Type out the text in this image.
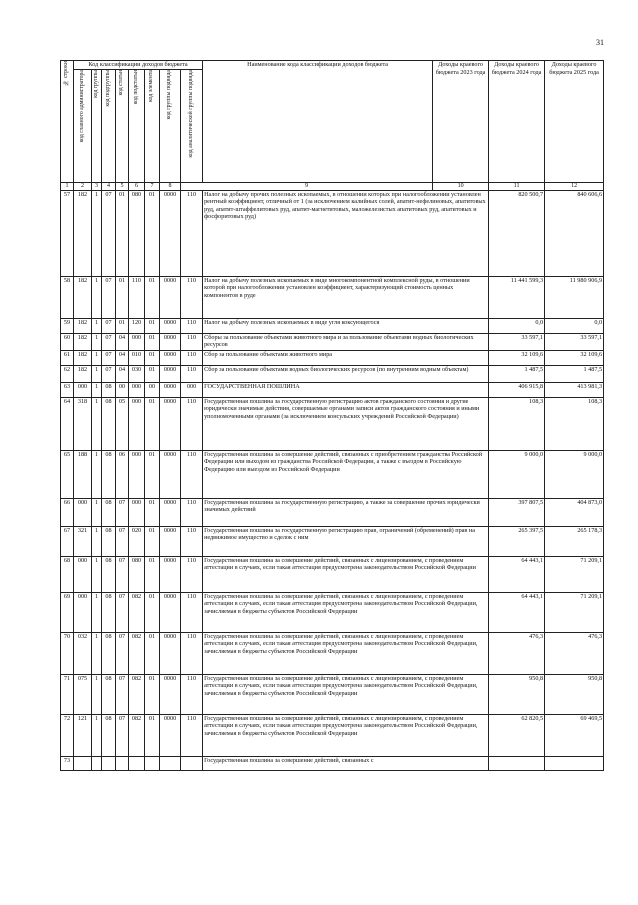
31
№ строки	Код классификации доходов бюджета								Наименование кода классификации доходов бюджета	Доходы краевого бюджета 2023 года	Доходы краевого бюджета 2024 года	Доходы краевого бюджета 2025 года	
	код главного администратора	код группы	код подгруппы	код статьи	код подстатьи	код элемента	код группы подвида	код аналитической группы подвида					
1	2	3	4	5	6	7	8	9		10	11	12	
57	182	1	07	01	080	01	0000	110	Налог на добычу прочих полезных ископаемых, в отношении которых при налогообложении установлен рентный коэффициент, отличный от 1 (за исключением калийных солей, апатит-нефелиновых, апатитовых руд, апатит-штаффелитовых руд, апатит-магнетитовых, маложелезистых апатитовых руд, апатитовых и фосфоритовых руд)		820 500,7	840 606,6	
58	182	1	07	01	110	01	0000	110	Налог на добычу полезных ископаемых в виде многокомпонентной комплексной руды, в отношении которой при налогообложении установлен коэффициент, характеризующий стоимость ценных компонентов в руде		11 441 599,3	11 980 906,9	
59	182	1	07	01	120	01	0000	110	Налог на добычу полезных ископаемых в виде угля коксующегося		0,0	0,0	
60	182	1	07	04	000	01	0000	110	Сборы за пользование объектами животного мира и за пользование объектами водных биологических ресурсов		33 597,1	33 597,1	
61	182	1	07	04	010	01	0000	110	Сбор за пользование объектами животного мира		32 109,6	32 109,6	
62	182	1	07	04	030	01	0000	110	Сбор за пользование объектами водных биологических ресурсов (по внутренним водным объектам)		1 487,5	1 487,5	
63	000	1	08	00	000	00	0000	000	ГОСУДАРСТВЕННАЯ ПОШЛИНА		406 915,8	413 981,3	
64	318	1	08	05	000	01	0000	110	Государственная пошлина за государственную регистрацию актов гражданского состояния и другие юридически значимые действия, совершаемые органами записи актов гражданского состояния и иными уполномоченными органами (за исключением консульских учреждений Российской Федерации)		108,3	108,3	
65	188	1	08	06	000	01	0000	110	Государственная пошлина за совершение действий, связанных с приобретением гражданства Российской Федерации или выходом из гражданства Российской Федерации, а также с въездом в Российскую Федерацию или выездом из Российской Федерации		9 000,0	9 000,0	
66	000	1	08	07	000	01	0000	110	Государственная пошлина за государственную регистрацию, а также за совершение прочих юридически значимых действий		397 807,5	404 873,0	
67	321	1	08	07	020	01	0000	110	Государственная пошлина за государственную регистрацию прав, ограничений (обременений) прав на недвижимое имущество и сделок с ним		265 397,5	265 178,3	
68	000	1	08	07	080	01	0000	110	Государственная пошлина за совершение действий, связанных с лицензированием, с проведением аттестации в случаях, если такая аттестация предусмотрена законодательством Российской Федерации		64 443,1	71 209,1	
69	000	1	08	07	082	01	0000	110	Государственная пошлина за совершение действий, связанных с лицензированием, с проведением аттестации в случаях, если такая аттестация предусмотрена законодательством Российской Федерации, зачисляемая в бюджеты субъектов Российской Федерации		64 443,1	71 209,1	
70	032	1	08	07	082	01	0000	110	Государственная пошлина за совершение действий, связанных с лицензированием, с проведением аттестации в случаях, если такая аттестация предусмотрена законодательством Российской Федерации, зачисляемая в бюджеты субъектов Российской Федерации		476,3	476,3	
71	075	1	08	07	082	01	0000	110	Государственная пошлина за совершение действий, связанных с лицензированием, с проведением аттестации в случаях, если такая аттестация предусмотрена законодательством Российской Федерации, зачисляемая в бюджеты субъектов Российской Федерации		950,8	950,8	
72	121	1	08	07	082	01	0000	110	Государственная пошлина за совершение действий, связанных с лицензированием, с проведением аттестации в случаях, если такая аттестация предусмотрена законодательством Российской Федерации, зачисляемая в бюджеты субъектов Российской Федерации		62 820,5	69 469,5	
73									Государственная пошлина за совершение действий, связанных с				
